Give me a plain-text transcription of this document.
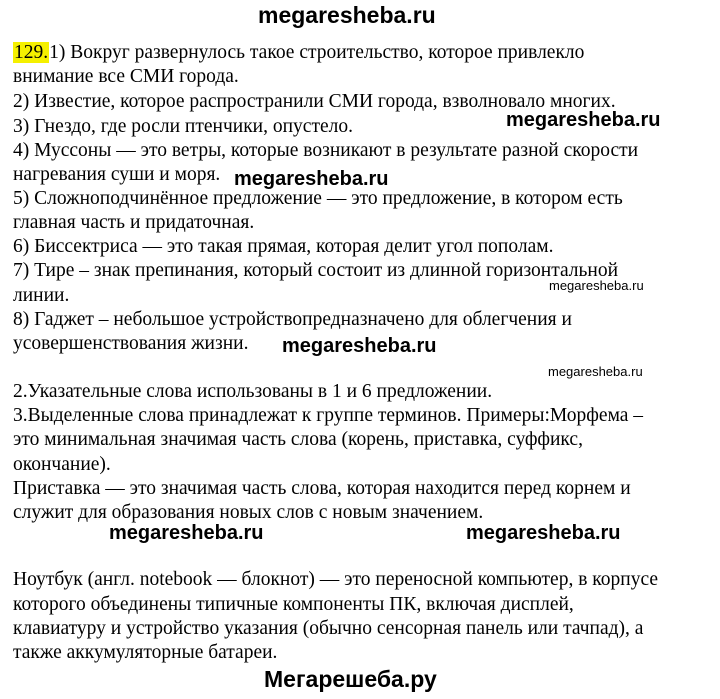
megaresheba.ru
129.1) Вокруг развернулось такое строительство, которое привлекло
внимание все СМИ города.
2) Известие, которое распространили СМИ города, взволновало многих.
3) Гнездо, где росли птенчики, опустело.	megaresheba.ru
4) Муссоны — это ветры, которые возникают в результате разной скорости
нагревания суши и моря. megaresheba.ru
5) Сложноподчинённое предложение — это предложение, в котором есть
главная часть и придаточная.
6) Биссектриса — это такая прямая, которая делит угол пополам.
7) Тире – знак препинания, который состоит из длинной горизонтальной
линии.	megaresheba.ru
8) Гаджет – небольшое устройствопредназначено для облегчения и
усовершенствования жизни. megaresheba.ru
megaresheba.ru
2.Указательные слова использованы в 1 и 6 предложении.
3.Выделенные слова принадлежат к группе терминов. Примеры:Морфема –
это минимальная значимая часть слова (корень, приставка, суффикс,
окончание).
Приставка — это значимая часть слова, которая находится перед корнем и
служит для образования новых слов с новым значением.
megaresheba.ru	megaresheba.ru
Ноутбук (англ. notebook — блокнот) — это переносной компьютер, в корпусе
которого объединены типичные компоненты ПК, включая дисплей,
клавиатуру и устройство указания (обычно сенсорная панель или тачпад), а
также аккумуляторные батареи.
Мегарешеба.ру
